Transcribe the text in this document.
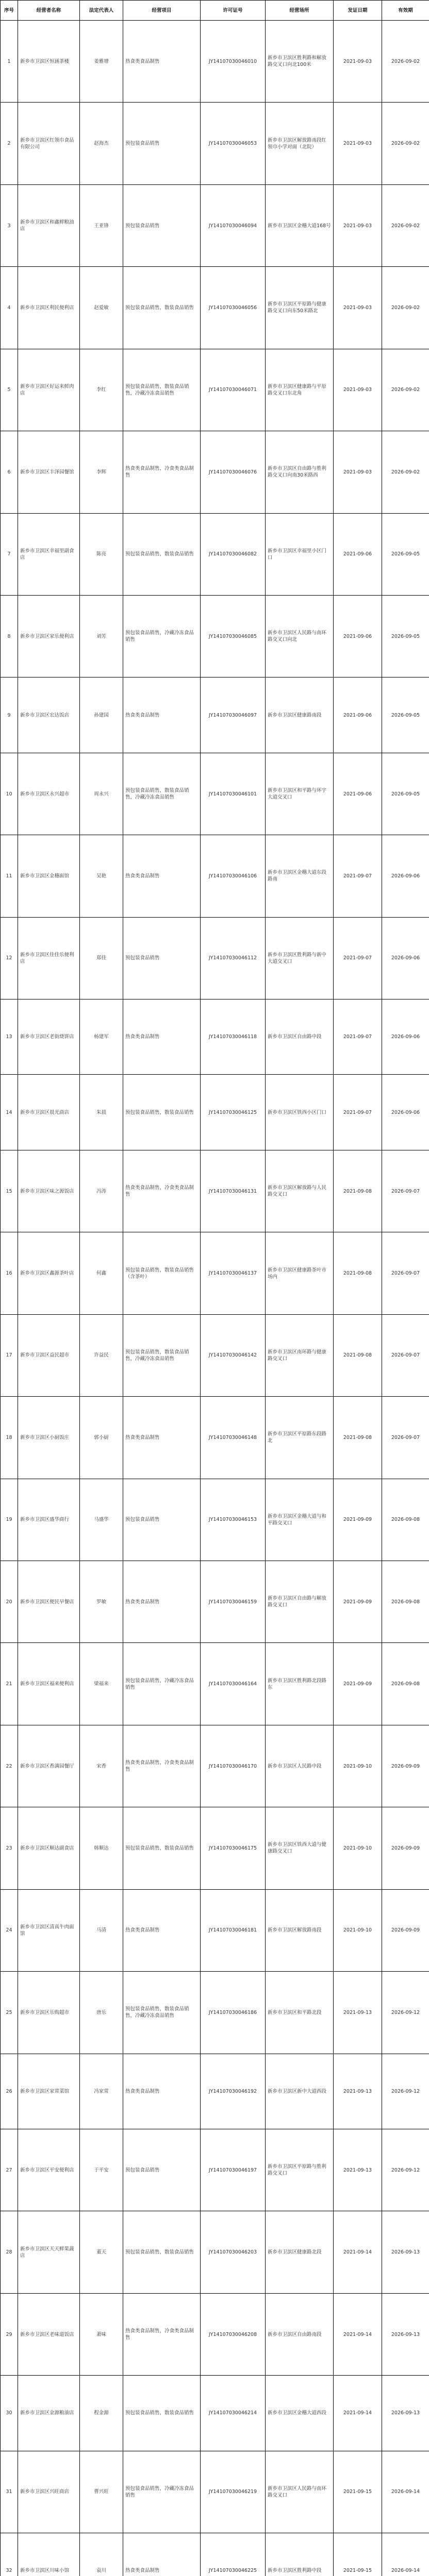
序号	经营者名称	法定代表人	经营项目	许可证号	经营场所	发证日期	有效期
1	新乡市卫滨区恒涵茶楼	姜雅增	热食类食品制售	JY14107030046010	新乡市卫滨区胜利路和解放路交叉口向北100米	2021-09-03	2026-09-02
2	新乡市卫滨区红领巾食品有限公司	赵海杰	预包装食品销售	JY14107030046053	新乡市卫滨区解放路南段红领巾小学对面（北院）	2021-09-03	2026-09-02
3	新乡市卫滨区和鑫鲜粮油店	王亚锋	预包装食品销售	JY14107030046094	新乡市卫滨区金穗大道168号	2021-09-03	2026-09-02
4	新乡市卫滨区利民便利店	赵爱敏	预包装食品销售，散装食品销售	JY14107030046056	新乡市卫滨区平原路与健康路交叉口向东50米路北	2021-09-03	2026-09-02
5	新乡市卫滨区好运来鲜肉店	李红	预包装食品销售，散装食品销售，冷藏冷冻食品销售	JY14107030046071	新乡市卫滨区健康路与平原路交叉口东北角	2021-09-03	2026-09-02
6	新乡市卫滨区丰泽园餐馆	李辉	热食类食品制售，冷食类食品制售	JY14107030046076	新乡市卫滨区自由路与胜利路交叉口向南30米路西	2021-09-03	2026-09-02
7	新乡市卫滨区幸福里副食店	陈亮	预包装食品销售，散装食品销售	JY14107030046082	新乡市卫滨区幸福里小区门口	2021-09-06	2026-09-05
8	新乡市卫滨区家乐便利店	刘芳	预包装食品销售，冷藏冷冻食品销售	JY14107030046085	新乡市卫滨区人民路与南环路交叉口向北	2021-09-06	2026-09-05
9	新乡市卫滨区宏达饭店	孙建国	热食类食品制售	JY14107030046097	新乡市卫滨区健康路南段	2021-09-06	2026-09-05
10	新乡市卫滨区永兴超市	周永兴	预包装食品销售，散装食品销售，冷藏冷冻食品销售	JY14107030046101	新乡市卫滨区和平路与环宇大道交叉口	2021-09-06	2026-09-05
11	新乡市卫滨区金穗面馆	吴艳	热食类食品制售	JY14107030046106	新乡市卫滨区金穗大道东段路南	2021-09-07	2026-09-06
12	新乡市卫滨区佳佳乐便利店	郑佳	预包装食品销售	JY14107030046112	新乡市卫滨区胜利路与新中大道交叉口	2021-09-07	2026-09-06
13	新乡市卫滨区老街烧饼店	杨建军	热食类食品制售	JY14107030046118	新乡市卫滨区自由路中段	2021-09-07	2026-09-06
14	新乡市卫滨区晨光商店	朱晨	预包装食品销售，散装食品销售	JY14107030046125	新乡市卫滨区铁西小区门口	2021-09-07	2026-09-06
15	新乡市卫滨区味之源饭店	冯涛	热食类食品制售，冷食类食品制售	JY14107030046131	新乡市卫滨区解放路与人民路交叉口	2021-09-08	2026-09-07
16	新乡市卫滨区鑫源茶叶店	何鑫	预包装食品销售，散装食品销售（含茶叶）	JY14107030046137	新乡市卫滨区健康路茶叶市场内	2021-09-08	2026-09-07
17	新乡市卫滨区益民超市	许益民	预包装食品销售，散装食品销售，冷藏冷冻食品销售	JY14107030046142	新乡市卫滨区南环路与健康路交叉口	2021-09-08	2026-09-07
18	新乡市卫滨区小厨饭庄	郭小厨	热食类食品制售	JY14107030046148	新乡市卫滨区平原路东段路北	2021-09-08	2026-09-07
19	新乡市卫滨区盛华商行	马盛华	预包装食品销售	JY14107030046153	新乡市卫滨区金穗大道与和平路交叉口	2021-09-09	2026-09-08
20	新乡市卫滨区便民早餐店	罗敏	热食类食品制售	JY14107030046159	新乡市卫滨区自由路与解放路交叉口	2021-09-09	2026-09-08
21	新乡市卫滨区福来便利店	梁福来	预包装食品销售，冷藏冷冻食品销售	JY14107030046164	新乡市卫滨区胜利路北段路东	2021-09-09	2026-09-08
22	新乡市卫滨区香满园餐厅	宋香	热食类食品制售，冷食类食品制售	JY14107030046170	新乡市卫滨区人民路中段	2021-09-10	2026-09-09
23	新乡市卫滨区顺达副食店	韩顺达	预包装食品销售，散装食品销售	JY14107030046175	新乡市卫滨区铁西大道与健康路交叉口	2021-09-10	2026-09-09
24	新乡市卫滨区清真牛肉面馆	马清	热食类食品制售	JY14107030046181	新乡市卫滨区解放路南段	2021-09-10	2026-09-09
25	新乡市卫滨区乐购超市	唐乐	预包装食品销售，散装食品销售，冷藏冷冻食品销售	JY14107030046186	新乡市卫滨区和平路北段	2021-09-13	2026-09-12
26	新乡市卫滨区家常菜馆	冯家常	热食类食品制售	JY14107030046192	新乡市卫滨区新中大道西段	2021-09-13	2026-09-12
27	新乡市卫滨区平安便利店	于平安	预包装食品销售	JY14107030046197	新乡市卫滨区平原路与胜利路交叉口	2021-09-13	2026-09-12
28	新乡市卫滨区天天鲜果蔬店	董天	预包装食品销售，散装食品销售	JY14107030046203	新乡市卫滨区健康路北段	2021-09-14	2026-09-13
29	新乡市卫滨区老味道饭店	萧味	热食类食品制售，冷食类食品制售	JY14107030046208	新乡市卫滨区自由路南段	2021-09-14	2026-09-13
30	新乡市卫滨区金源粮油店	程金源	预包装食品销售，散装食品销售	JY14107030046214	新乡市卫滨区金穗大道西段	2021-09-14	2026-09-13
31	新乡市卫滨区兴旺商店	曹兴旺	预包装食品销售，冷藏冷冻食品销售	JY14107030046219	新乡市卫滨区人民路与南环路交叉口	2021-09-15	2026-09-14
32	新乡市卫滨区川味小馆	袁川	热食类食品制售	JY14107030046225	新乡市卫滨区胜利路中段	2021-09-15	2026-09-14
